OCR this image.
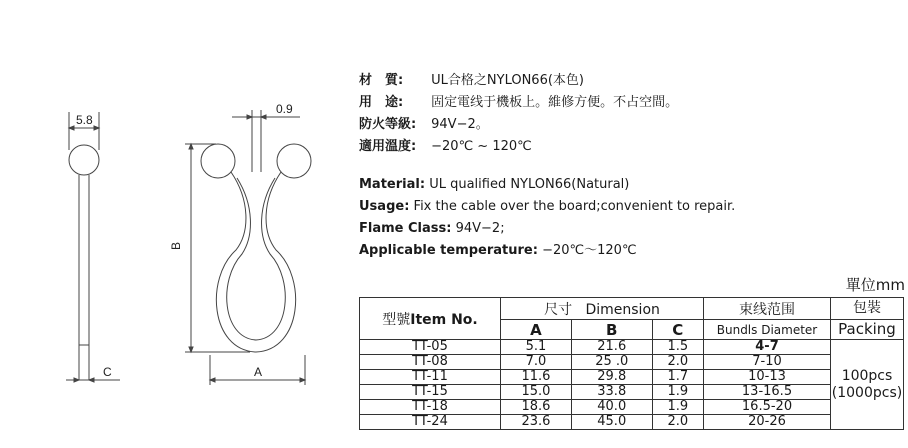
5.8
0.9
B
A
C
材　質: UL合格之NYLON66(本色)
用　途: 固定電线于機板上。維修方便。不占空間。
防火等級: 94V−2。
適用溫度: −20℃ ~ 120℃
Material: UL qualified NYLON66(Natural)
Usage: Fix the cable over the board;convenient to repair.
Flame Class: 94V−2;
Applicable temperature: −20℃～120℃
單位mm
型號Item No.	尺寸 Dimension			束线范围	包裝
	A	B	C	Bundls Diameter	Packing
TT-05	5.1	21.6	1.5	4-7	100pcs
(1000pcs)
TT-08	7.0	25 .0	2.0	7-10	
TT-11	11.6	29.8	1.7	10-13	
TT-15	15.0	33.8	1.9	13-16.5	
TT-18	18.6	40.0	1.9	16.5-20	
TT-24	23.6	45.0	2.0	20-26	
